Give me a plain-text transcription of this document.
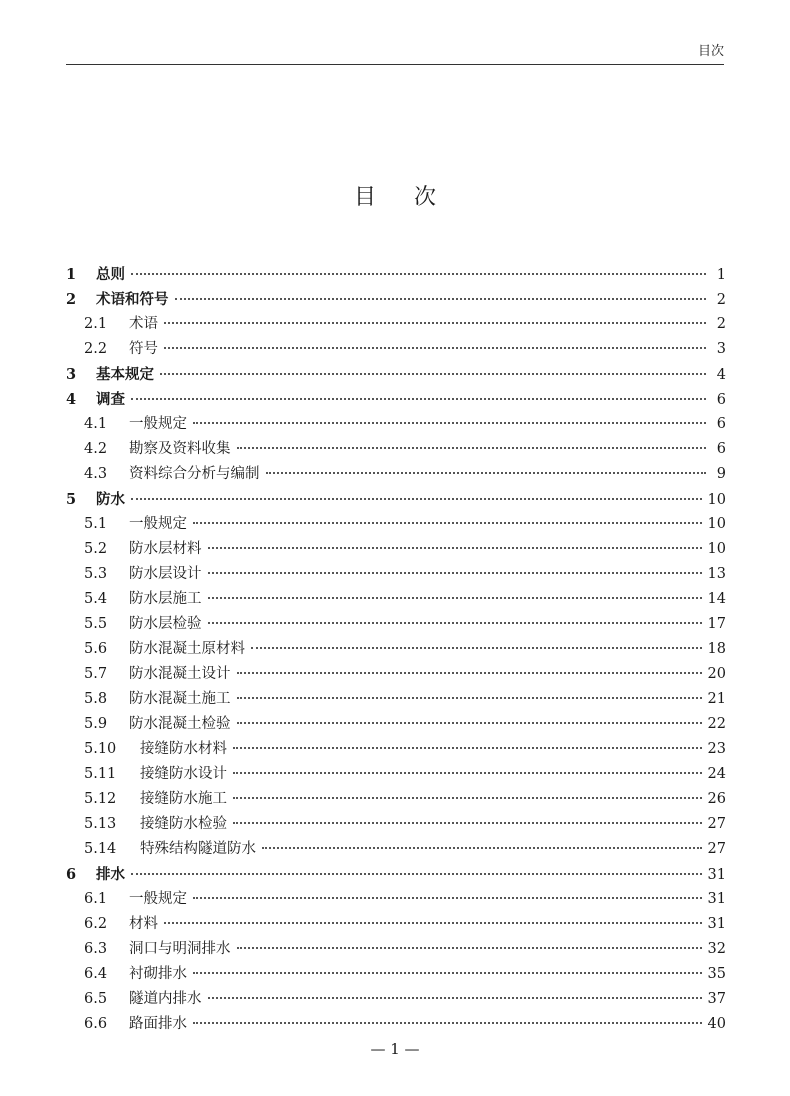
目次
目次
1	总则	1
2	术语和符号	2
2.1	术语	2
2.2	符号	3
3	基本规定	4
4	调查	6
4.1	一般规定	6
4.2	勘察及资料收集	6
4.3	资料综合分析与编制	9
5	防水	10
5.1	一般规定	10
5.2	防水层材料	10
5.3	防水层设计	13
5.4	防水层施工	14
5.5	防水层检验	17
5.6	防水混凝土原材料	18
5.7	防水混凝土设计	20
5.8	防水混凝土施工	21
5.9	防水混凝土检验	22
5.10	接缝防水材料	23
5.11	接缝防水设计	24
5.12	接缝防水施工	26
5.13	接缝防水检验	27
5.14	特殊结构隧道防水	27
6	排水	31
6.1	一般规定	31
6.2	材料	31
6.3	洞口与明洞排水	32
6.4	衬砌排水	35
6.5	隧道内排水	37
6.6	路面排水	40
— 1 —
